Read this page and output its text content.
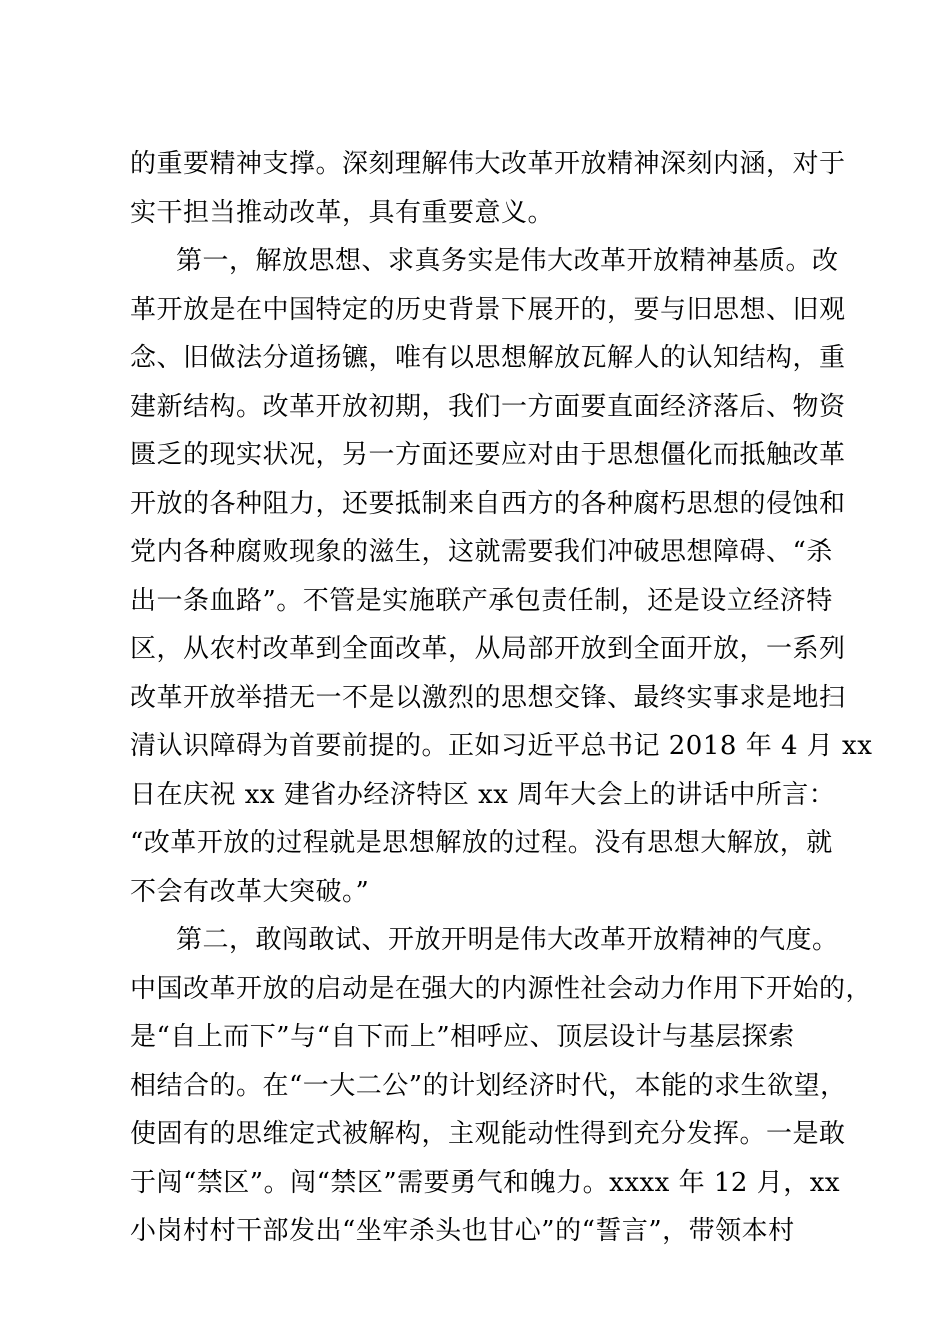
的重要精神支撑。深刻理解伟大改革开放精神深刻内涵，对于
实干担当推动改革，具有重要意义。
第一，解放思想、求真务实是伟大改革开放精神基质。改
革开放是在中国特定的历史背景下展开的，要与旧思想、旧观
念、旧做法分道扬镳，唯有以思想解放瓦解人的认知结构，重
建新结构。改革开放初期，我们一方面要直面经济落后、物资
匮乏的现实状况，另一方面还要应对由于思想僵化而抵触改革
开放的各种阻力，还要抵制来自西方的各种腐朽思想的侵蚀和
党内各种腐败现象的滋生，这就需要我们冲破思想障碍、“杀
出一条血路”。不管是实施联产承包责任制，还是设立经济特
区，从农村改革到全面改革，从局部开放到全面开放，一系列
改革开放举措无一不是以激烈的思想交锋、最终实事求是地扫
清认识障碍为首要前提的。正如习近平总书记 2018 年 4 月 xx
日在庆祝 xx 建省办经济特区 xx 周年大会上的讲话中所言：
“改革开放的过程就是思想解放的过程。没有思想大解放，就
不会有改革大突破。”
第二，敢闯敢试、开放开明是伟大改革开放精神的气度。
中国改革开放的启动是在强大的内源性社会动力作用下开始的，
是“自上而下”与“自下而上”相呼应、顶层设计与基层探索
相结合的。在“一大二公”的计划经济时代，本能的求生欲望，
使固有的思维定式被解构，主观能动性得到充分发挥。一是敢
于闯“禁区”。闯“禁区”需要勇气和魄力。xxxx 年 12 月，xx
小岗村村干部发出“坐牢杀头也甘心”的“誓言”，带领本村
